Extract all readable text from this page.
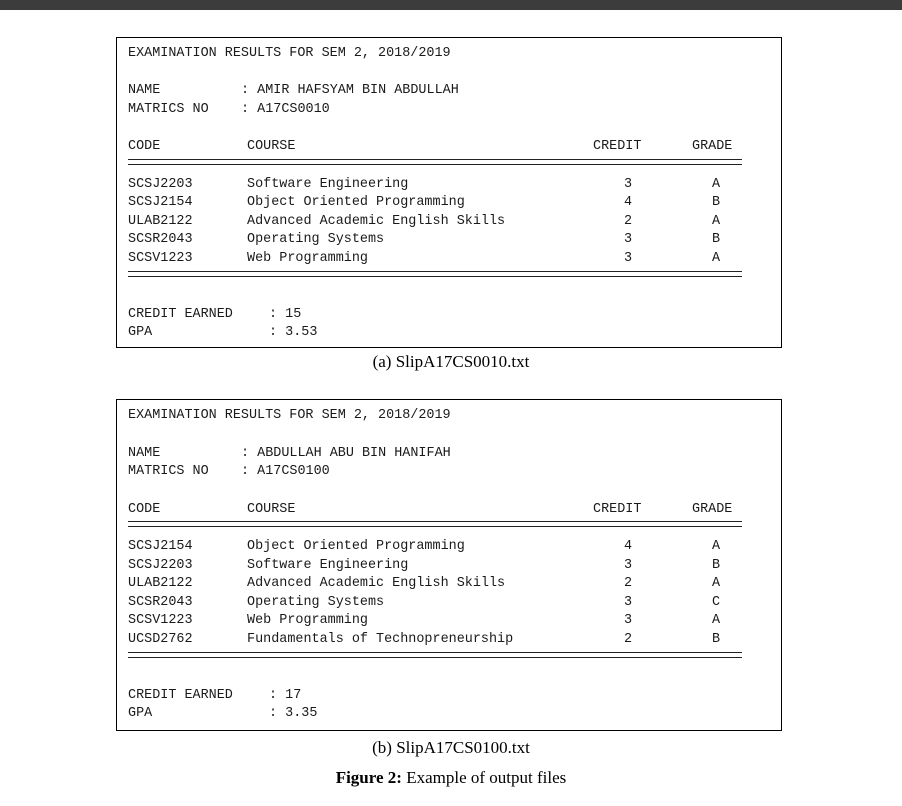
EXAMINATION RESULTS FOR SEM 2, 2018/2019
NAME	: AMIR HAFSYAM BIN ABDULLAH
MATRICS NO : A17CS0010
CODE	COURSE	CREDIT	GRADE
SCSJ2203	Software Engineering	3	A
SCSJ2154	Object Oriented Programming	4	B
ULAB2122	Advanced Academic English Skills	2	A
SCSR2043	Operating Systems	3	B
SCSV1223	Web Programming	3	A
CREDIT EARNED	: 15
GPA	: 3.53
(a) SlipA17CS0010.txt
EXAMINATION RESULTS FOR SEM 2, 2018/2019
NAME	: ABDULLAH ABU BIN HANIFAH
MATRICS NO : A17CS0100
CODE	COURSE	CREDIT	GRADE
SCSJ2154	Object Oriented Programming	4	A
SCSJ2203	Software Engineering	3	B
ULAB2122	Advanced Academic English Skills	2	A
SCSR2043	Operating Systems	3	C
SCSV1223	Web Programming	3	A
UCSD2762	Fundamentals of Technopreneurship	2	B
CREDIT EARNED	: 17
GPA	: 3.35
(b) SlipA17CS0100.txt
Figure 2: Example of output files
